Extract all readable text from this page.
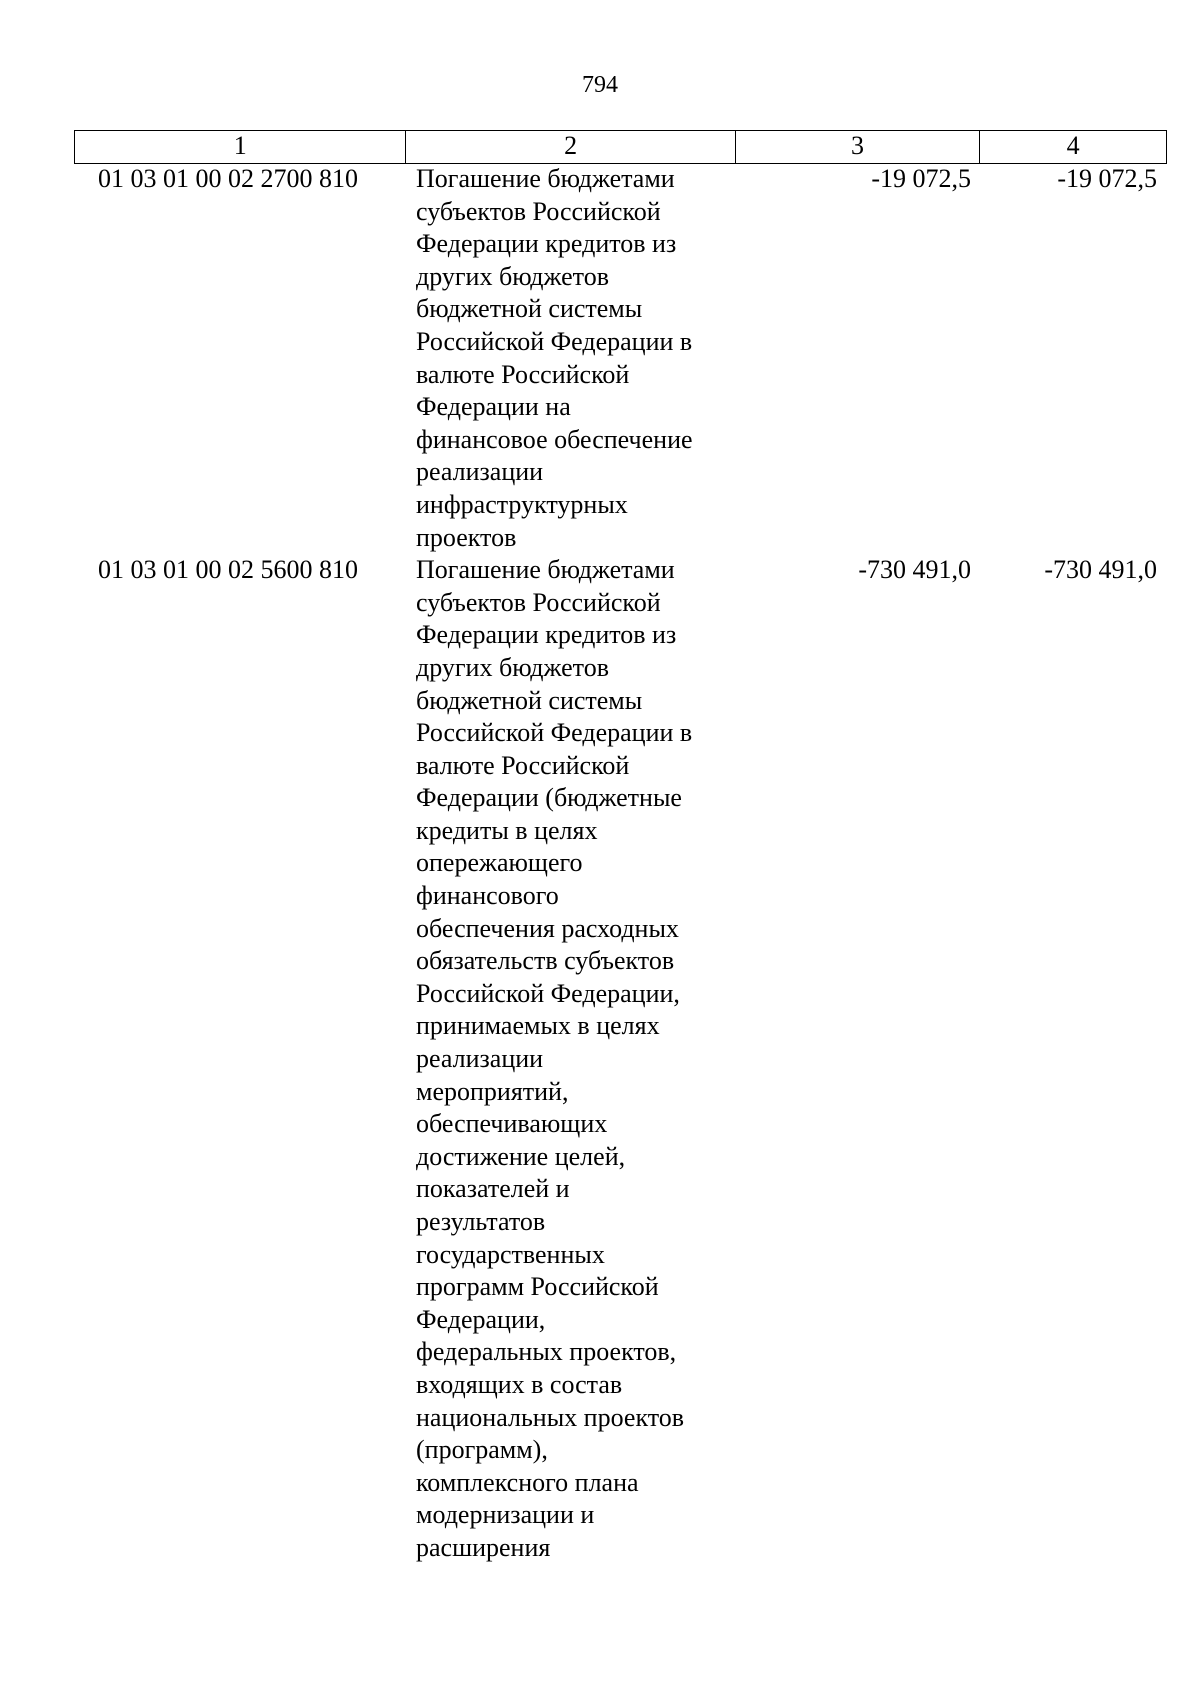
794
1	2	3	4
01 03 01 00 02 2700 810	Погашение бюджетами
субъектов Российской
Федерации кредитов из
других бюджетов
бюджетной системы
Российской Федерации в
валюте Российской
Федерации на
финансовое обеспечение
реализации
инфраструктурных
проектов
-19 072,5	-19 072,5
01 03 01 00 02 5600 810	Погашение бюджетами
субъектов Российской
Федерации кредитов из
других бюджетов
бюджетной системы
Российской Федерации в
валюте Российской
Федерации (бюджетные
кредиты в целях
опережающего
финансового
обеспечения расходных
обязательств субъектов
Российской Федерации,
принимаемых в целях
реализации
мероприятий,
обеспечивающих
достижение целей,
показателей и
результатов
государственных
программ Российской
Федерации,
федеральных проектов,
входящих в состав
национальных проектов
(программ),
комплексного плана
модернизации и
расширения
-730 491,0	-730 491,0
